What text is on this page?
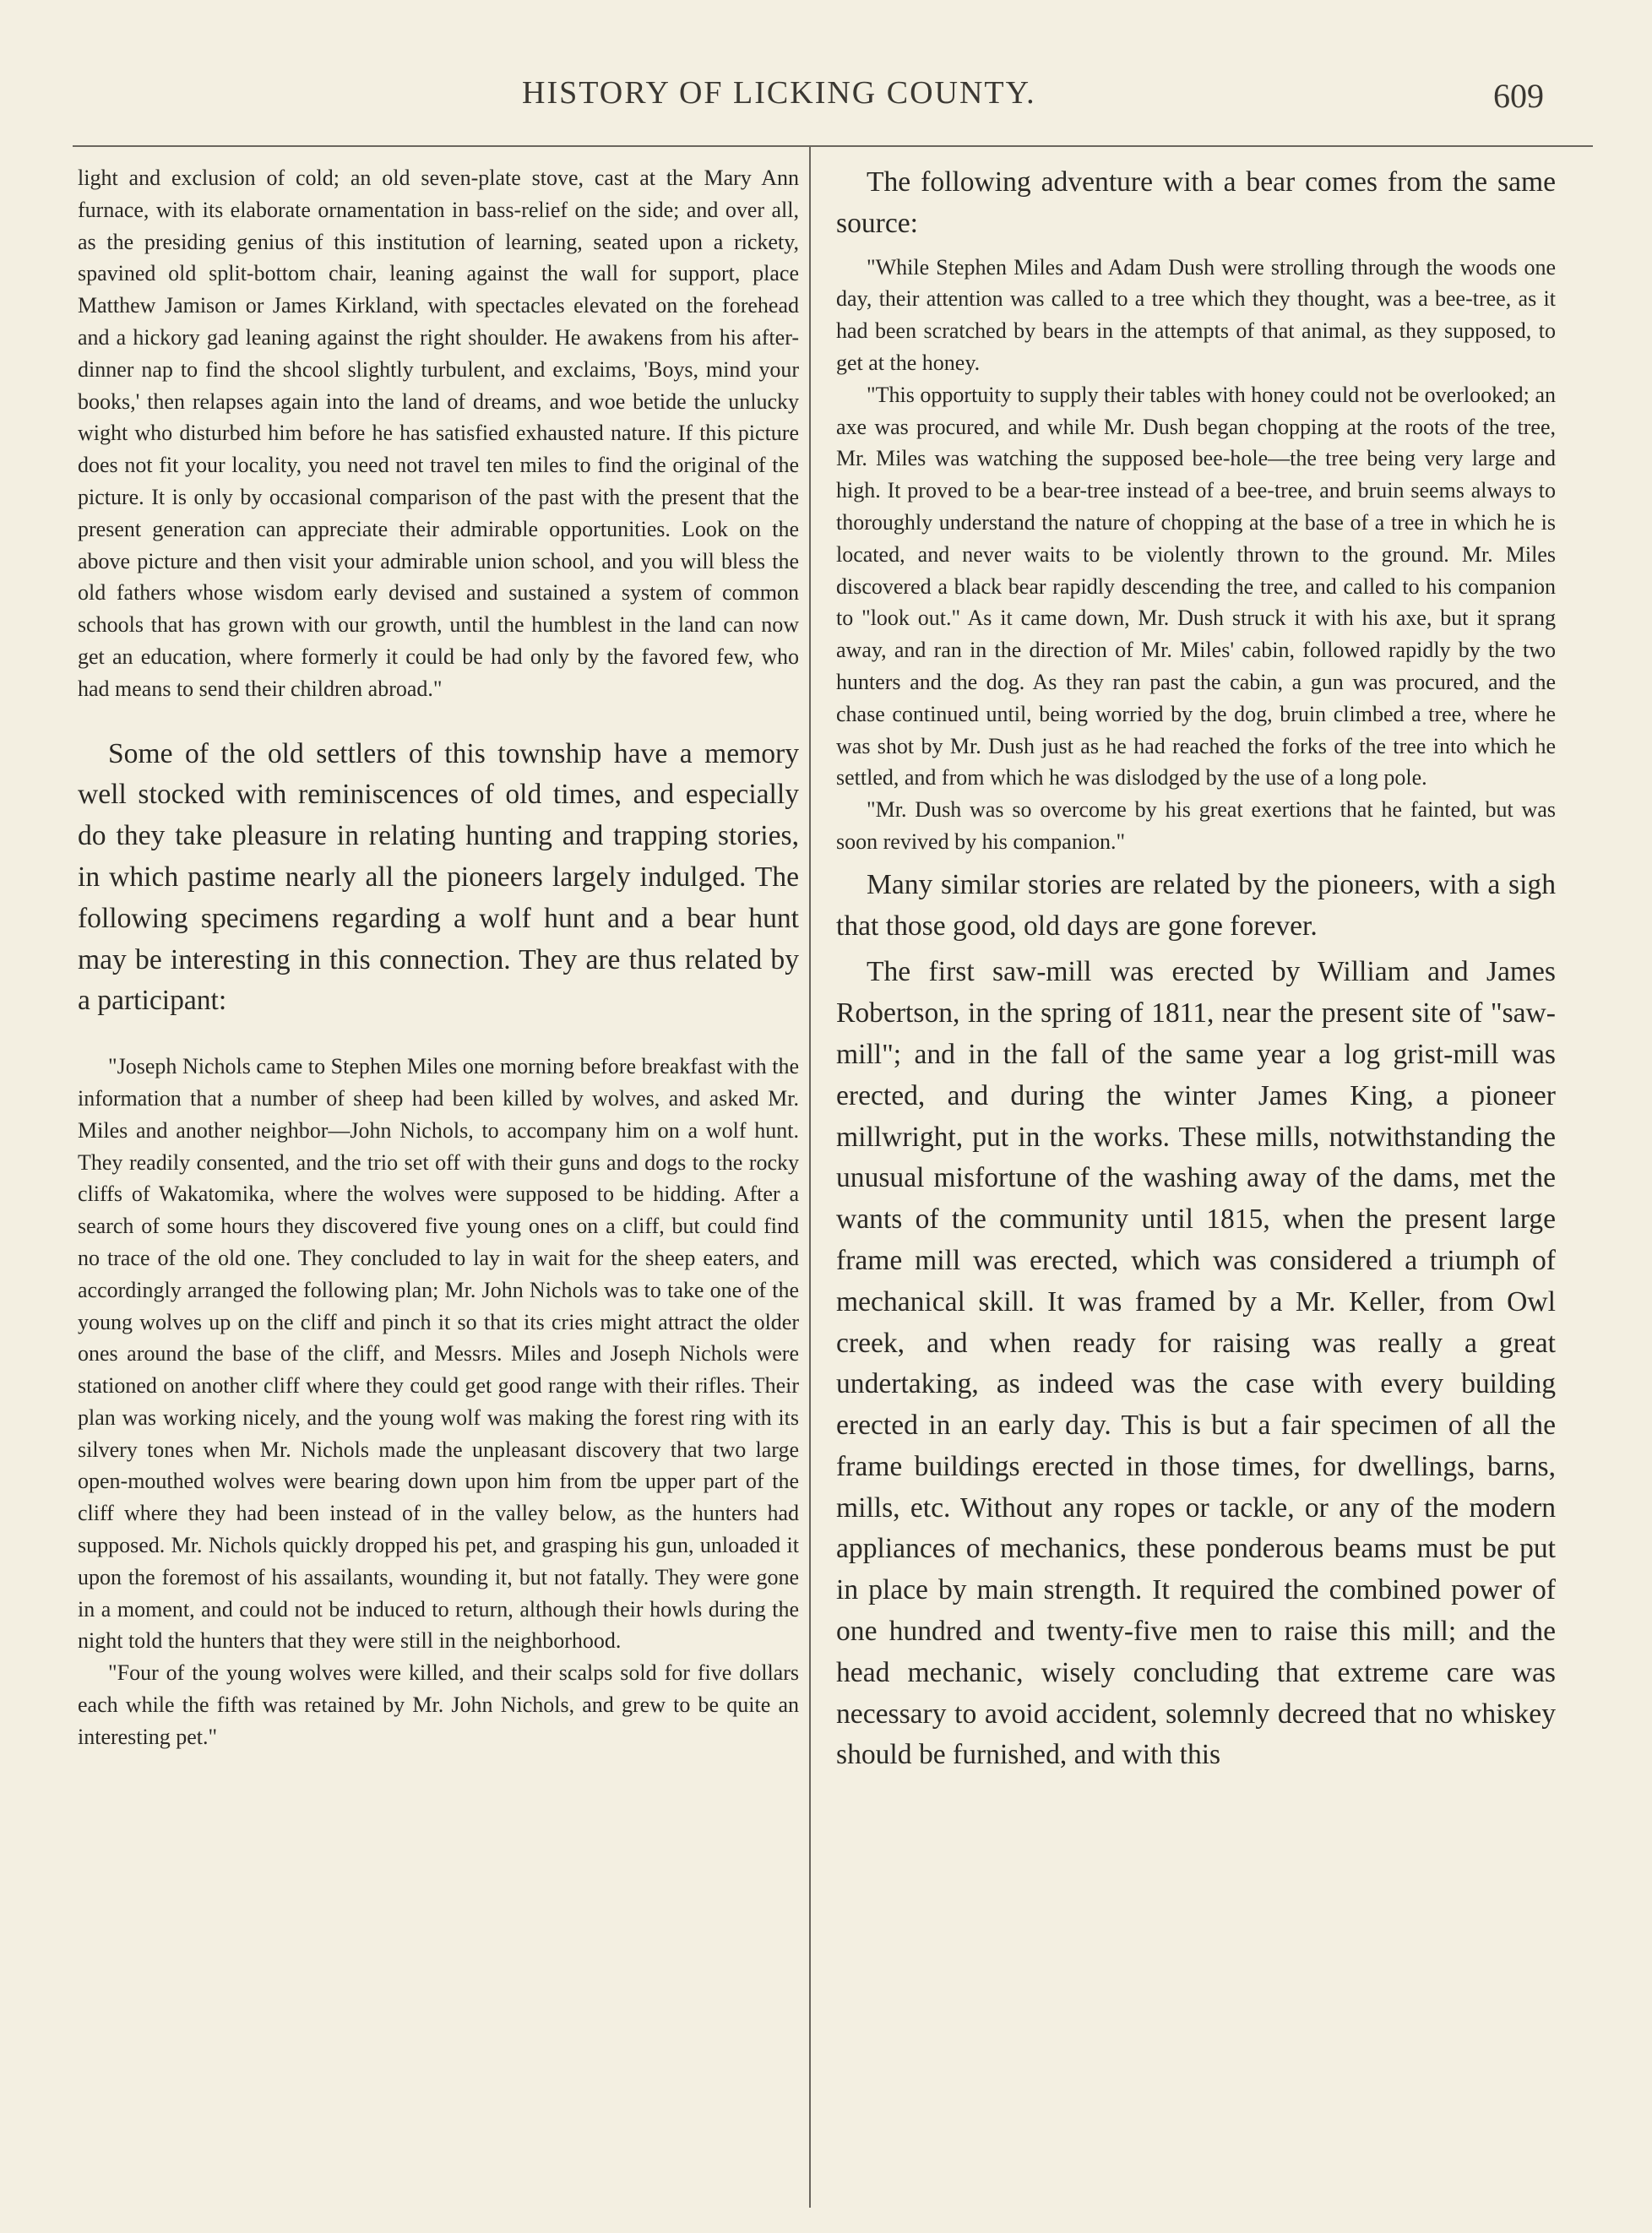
HISTORY OF LICKING COUNTY.	609

light and exclusion of cold; an old seven-plate stove, cast at the Mary Ann furnace, with its elaborate ornamentation in bass-relief on the side; and over all, as the presiding genius of this institution of learning, seated upon a rickety, spavined old split-bottom chair, leaning against the wall for support, place Matthew Jamison or James Kirkland, with spectacles elevated on the forehead and a hickory gad leaning against the right shoulder. He awakens from his after-dinner nap to find the shcool slightly turbulent, and exclaims, 'Boys, mind your books,' then relapses again into the land of dreams, and woe betide the unlucky wight who disturbed him before he has satisfied exhausted nature. If this picture does not fit your locality, you need not travel ten miles to find the original of the picture. It is only by occasional comparison of the past with the present that the present generation can appreciate their admirable opportunities. Look on the above picture and then visit your admirable union school, and you will bless the old fathers whose wisdom early devised and sustained a system of common schools that has grown with our growth, until the humblest in the land can now get an education, where formerly it could be had only by the favored few, who had means to send their children abroad."

Some of the old settlers of this township have a memory well stocked with reminiscences of old times, and especially do they take pleasure in relating hunting and trapping stories, in which pastime nearly all the pioneers largely indulged. The following specimens regarding a wolf hunt and a bear hunt may be interesting in this connection. They are thus related by a participant:

"Joseph Nichols came to Stephen Miles one morning before breakfast with the information that a number of sheep had been killed by wolves, and asked Mr. Miles and another neighbor—John Nichols, to accompany him on a wolf hunt. They readily consented, and the trio set off with their guns and dogs to the rocky cliffs of Wakatomika, where the wolves were supposed to be hidding. After a search of some hours they discovered five young ones on a cliff, but could find no trace of the old one. They concluded to lay in wait for the sheep eaters, and accordingly arranged the following plan; Mr. John Nichols was to take one of the young wolves up on the cliff and pinch it so that its cries might attract the older ones around the base of the cliff, and Messrs. Miles and Joseph Nichols were stationed on another cliff where they could get good range with their rifles. Their plan was working nicely, and the young wolf was making the forest ring with its silvery tones when Mr. Nichols made the unpleasant discovery that two large open-mouthed wolves were bearing down upon him from tbe upper part of the cliff where they had been instead of in the valley below, as the hunters had supposed. Mr. Nichols quickly dropped his pet, and grasping his gun, unloaded it upon the foremost of his assailants, wounding it, but not fatally. They were gone in a moment, and could not be induced to return, although their howls during the night told the hunters that they were still in the neighborhood.

"Four of the young wolves were killed, and their scalps sold for five dollars each while the fifth was retained by Mr. John Nichols, and grew to be quite an interesting pet."

The following adventure with a bear comes from the same source:

"While Stephen Miles and Adam Dush were strolling through the woods one day, their attention was called to a tree which they thought, was a bee-tree, as it had been scratched by bears in the attempts of that animal, as they supposed, to get at the honey.

"This opportuity to supply their tables with honey could not be overlooked; an axe was procured, and while Mr. Dush began chopping at the roots of the tree, Mr. Miles was watching the supposed bee-hole—the tree being very large and high. It proved to be a bear-tree instead of a bee-tree, and bruin seems always to thoroughly understand the nature of chopping at the base of a tree in which he is located, and never waits to be violently thrown to the ground. Mr. Miles discovered a black bear rapidly descending the tree, and called to his companion to "look out." As it came down, Mr. Dush struck it with his axe, but it sprang away, and ran in the direction of Mr. Miles' cabin, followed rapidly by the two hunters and the dog. As they ran past the cabin, a gun was procured, and the chase continued until, being worried by the dog, bruin climbed a tree, where he was shot by Mr. Dush just as he had reached the forks of the tree into which he settled, and from which he was dislodged by the use of a long pole.

"Mr. Dush was so overcome by his great exertions that he fainted, but was soon revived by his companion."

Many similar stories are related by the pioneers, with a sigh that those good, old days are gone forever.

The first saw-mill was erected by William and James Robertson, in the spring of 1811, near the present site of "saw-mill"; and in the fall of the same year a log grist-mill was erected, and during the winter James King, a pioneer millwright, put in the works. These mills, notwithstanding the unusual misfortune of the washing away of the dams, met the wants of the community until 1815, when the present large frame mill was erected, which was considered a triumph of mechanical skill. It was framed by a Mr. Keller, from Owl creek, and when ready for raising was really a great undertaking, as indeed was the case with every building erected in an early day. This is but a fair specimen of all the frame buildings erected in those times, for dwellings, barns, mills, etc. Without any ropes or tackle, or any of the modern appliances of mechanics, these ponderous beams must be put in place by main strength. It required the combined power of one hundred and twenty-five men to raise this mill; and the head mechanic, wisely concluding that extreme care was necessary to avoid accident, solemnly decreed that no whiskey should be furnished, and with this
